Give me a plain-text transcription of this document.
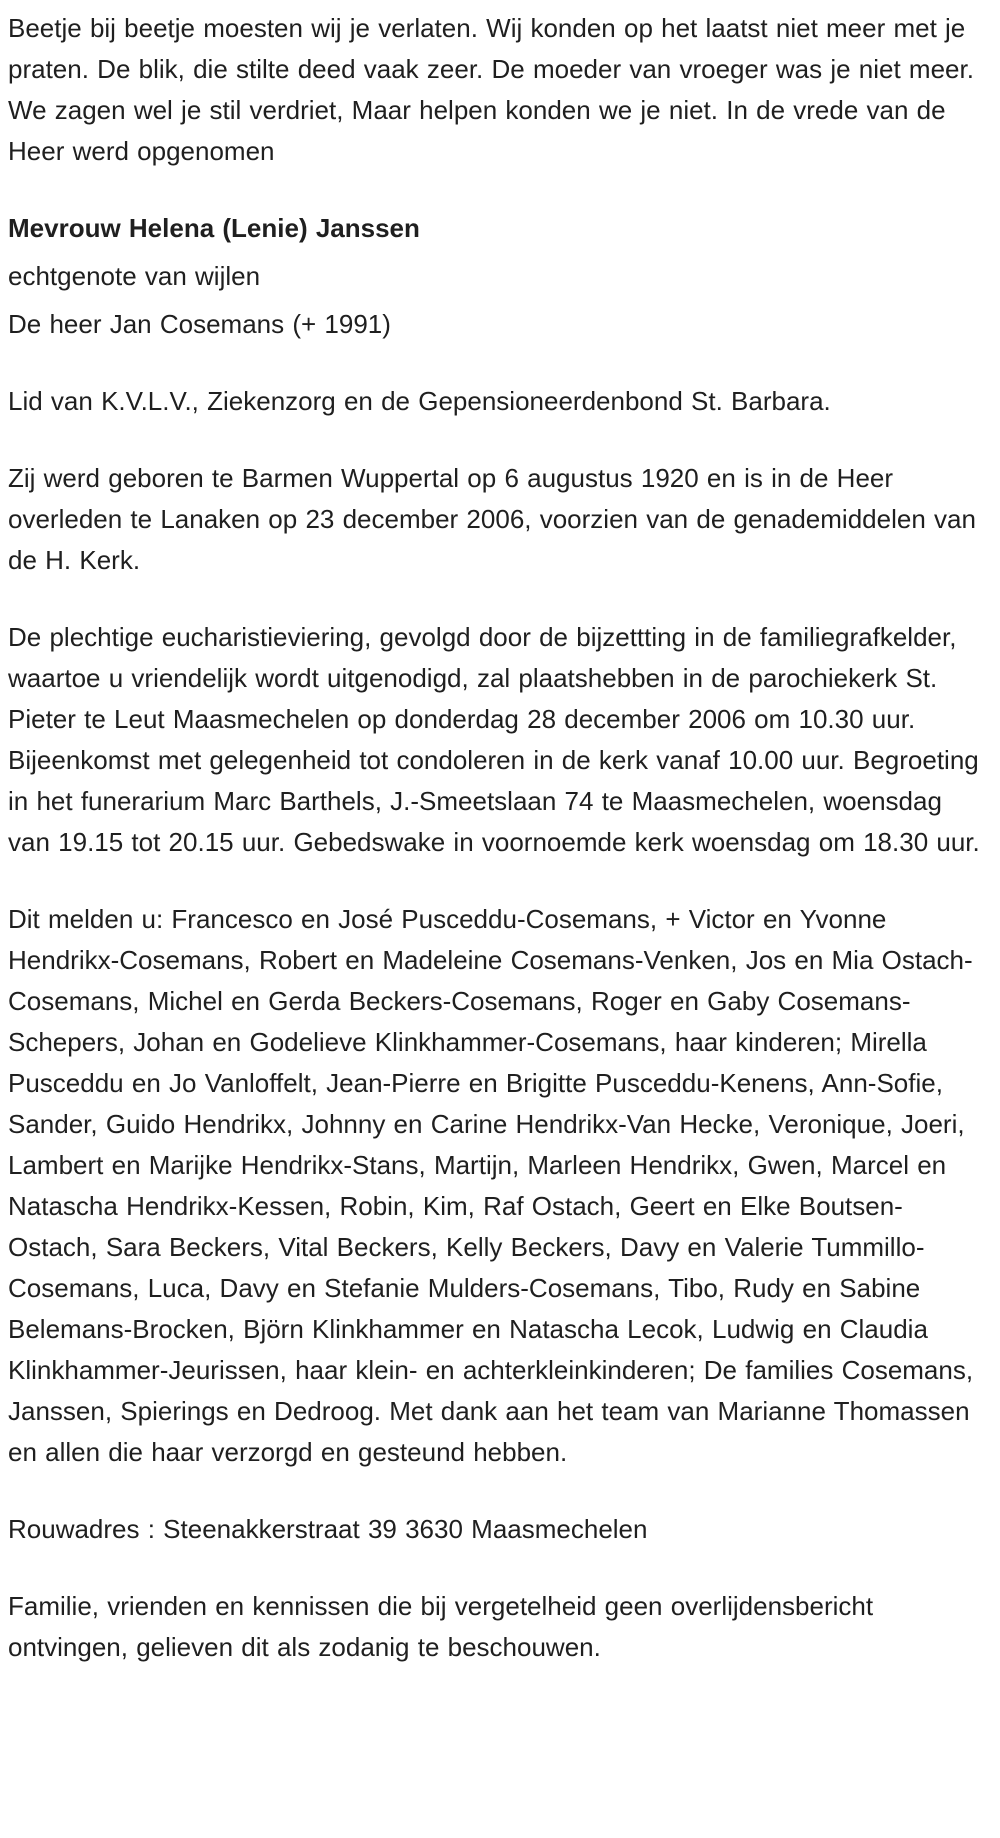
Beetje bij beetje moesten wij je verlaten. Wij konden op het laatst niet meer met je praten. De blik, die stilte deed vaak zeer. De moeder van vroeger was je niet meer. We zagen wel je stil verdriet, Maar helpen konden we je niet. In de vrede van de Heer werd opgenomen

Mevrouw Helena (Lenie) Janssen

echtgenote van wijlen

De heer Jan Cosemans (+ 1991)

Lid van K.V.L.V., Ziekenzorg en de Gepensioneerdenbond St. Barbara.

Zij werd geboren te Barmen Wuppertal op 6 augustus 1920 en is in de Heer overleden te Lanaken op 23 december 2006, voorzien van de genademiddelen van de H. Kerk.

De plechtige eucharistieviering, gevolgd door de bijzettting in de familiegrafkelder, waartoe u vriendelijk wordt uitgenodigd, zal plaatshebben in de parochiekerk St. Pieter te Leut Maasmechelen op donderdag 28 december 2006 om 10.30 uur. Bijeenkomst met gelegenheid tot condoleren in de kerk vanaf 10.00 uur. Begroeting in het funerarium Marc Barthels, J.-Smeetslaan 74 te Maasmechelen, woensdag van 19.15 tot 20.15 uur. Gebedswake in voornoemde kerk woensdag om 18.30 uur.

Dit melden u: Francesco en José Pusceddu-Cosemans, + Victor en Yvonne Hendrikx-Cosemans, Robert en Madeleine Cosemans-Venken, Jos en Mia Ostach-Cosemans, Michel en Gerda Beckers-Cosemans, Roger en Gaby Cosemans-Schepers, Johan en Godelieve Klinkhammer-Cosemans, haar kinderen; Mirella Pusceddu en Jo Vanloffelt, Jean-Pierre en Brigitte Pusceddu-Kenens, Ann-Sofie, Sander, Guido Hendrikx, Johnny en Carine Hendrikx-Van Hecke, Veronique, Joeri, Lambert en Marijke Hendrikx-Stans, Martijn, Marleen Hendrikx, Gwen, Marcel en Natascha Hendrikx-Kessen, Robin, Kim, Raf Ostach, Geert en Elke Boutsen-Ostach, Sara Beckers, Vital Beckers, Kelly Beckers, Davy en Valerie Tummillo-Cosemans, Luca, Davy en Stefanie Mulders-Cosemans, Tibo, Rudy en Sabine Belemans-Brocken, Björn Klinkhammer en Natascha Lecok, Ludwig en Claudia Klinkhammer-Jeurissen, haar klein- en achterkleinkinderen; De families Cosemans, Janssen, Spierings en Dedroog. Met dank aan het team van Marianne Thomassen en allen die haar verzorgd en gesteund hebben.

Rouwadres : Steenakkerstraat 39 3630 Maasmechelen

Familie, vrienden en kennissen die bij vergetelheid geen overlijdensbericht ontvingen, gelieven dit als zodanig te beschouwen.
